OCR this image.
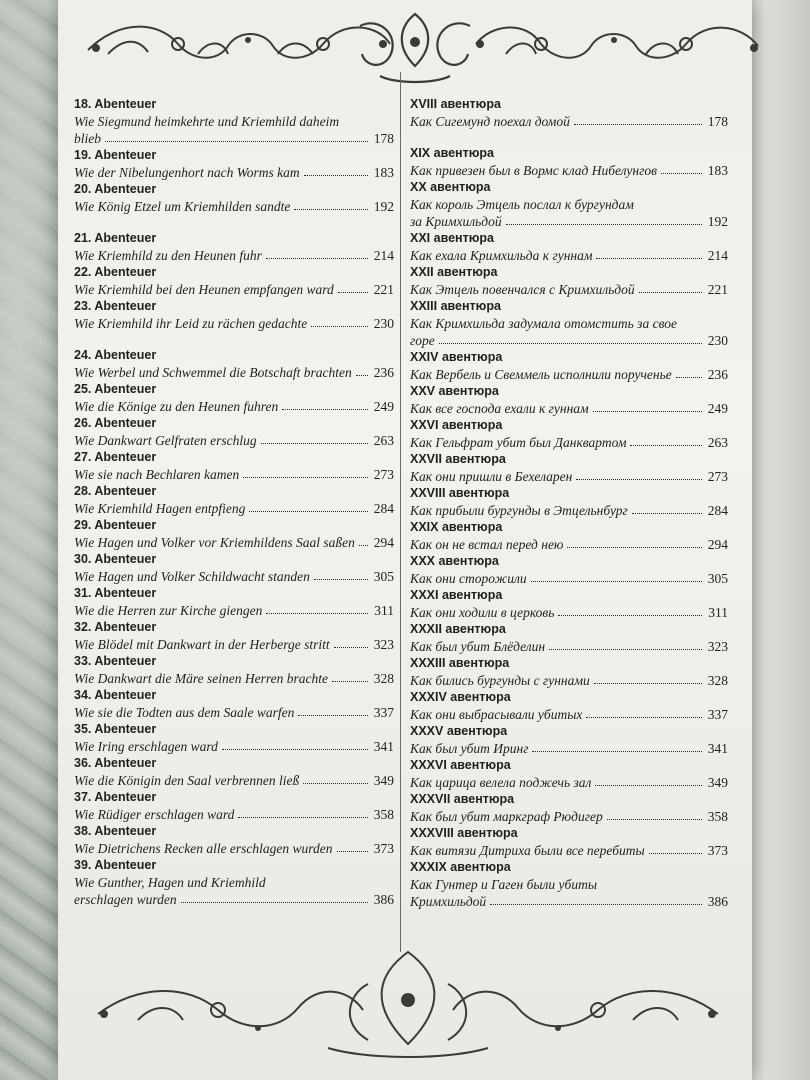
18. Abenteuer
Wie Siegmund heimkehrte und Kriemhild daheim
blieb	178
19. Abenteuer
Wie der Nibelungenhort nach Worms kam	183
20. Abenteuer
Wie König Etzel um Kriemhilden sandte	192
21. Abenteuer
Wie Kriemhild zu den Heunen fuhr	214
22. Abenteuer
Wie Kriemhild bei den Heunen empfangen ward	221
23. Abenteuer
Wie Kriemhild ihr Leid zu rächen gedachte	230
24. Abenteuer
Wie Werbel und Schwemmel die Botschaft brachten 236
25. Abenteuer
Wie die Könige zu den Heunen fuhren	249
26. Abenteuer
Wie Dankwart Gelfraten erschlug	263
27. Abenteuer
Wie sie nach Bechlaren kamen	273
28. Abenteuer
Wie Kriemhild Hagen entpfieng	284
29. Abenteuer
Wie Hagen und Volker vor Kriemhildens Saal saßen 294
30. Abenteuer
Wie Hagen und Volker Schildwacht standen	305
31. Abenteuer
Wie die Herren zur Kirche giengen	311
32. Abenteuer
Wie Blödel mit Dankwart in der Herberge stritt	323
33. Abenteuer
Wie Dankwart die Märe seinen Herren brachte	328
34. Abenteuer
Wie sie die Todten aus dem Saale warfen	337
35. Abenteuer
Wie Iring erschlagen ward	341
36. Abenteuer
Wie die Königin den Saal verbrennen ließ	349
37. Abenteuer
Wie Rüdiger erschlagen ward	358
38. Abenteuer
Wie Dietrichens Recken alle erschlagen wurden	373
39. Abenteuer
Wie Gunther, Hagen und Kriemhild
erschlagen wurden	386
XVIII авентюра
Как Сигемунд поехал домой	178
XIX авентюра
Как привезен был в Вормс клад Нибелунгов	183
XX авентюра
Как король Этцель послал к бургундам
за Кримхильдой	192
XXI авентюра
Как ехала Кримхильда к гуннам	214
XXII авентюра
Как Этцель повенчался с Кримхильдой	221
XXIII авентюра
Как Кримхильда задумала отомстить за свое
горе	230
XXIV авентюра
Как Вербель и Свеммель исполнили порученье	236
XXV авентюра
Как все господа ехали к гуннам	249
XXVI авентюра
Как Гельфрат убит был Данквартом	263
XXVII авентюра
Как они пришли в Бехеларен	273
XXVIII авентюра
Как прибыли бургунды в Этцельнбург	284
XXIX авентюра
Как он не встал перед нею	294
XXX авентюра
Как они сторожили	305
XXXI авентюра
Как они ходили в церковь	311
XXXII авентюра
Как был убит Блёделин	323
XXXIII авентюра
Как бились бургунды с гуннами	328
XXXIV авентюра
Как они выбрасывали убитых	337
XXXV авентюра
Как был убит Иринг	341
XXXVI авентюра
Как царица велела поджечь зал	349
XXXVII авентюра
Как был убит маркграф Рюдигер	358
XXXVIII авентюра
Как витязи Дитриха были все перебиты	373
XXXIX авентюра
Как Гунтер и Гаген были убиты
Кримхильдой	386
